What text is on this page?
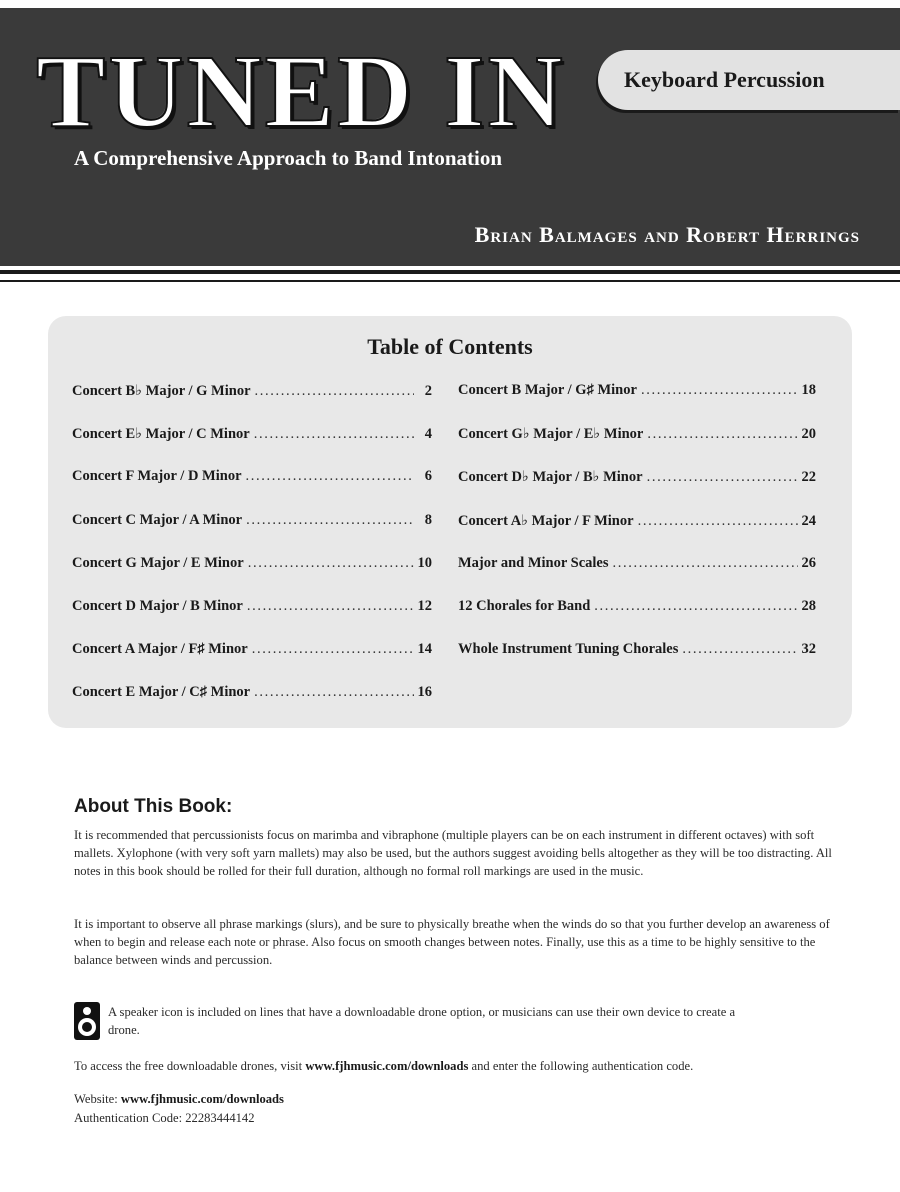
TUNED IN
A Comprehensive Approach to Band Intonation
Brian Balmages and Robert Herrings
Keyboard Percussion
Table of Contents
Concert B♭ Major / G Minor . . .	2
Concert E♭ Major / C Minor . . .	4
Concert F Major / D Minor . . .	6
Concert C Major / A Minor . . .	8
Concert G Major / E Minor . . .	10
Concert D Major / B Minor . . .	12
Concert A Major / F♯ Minor . . .	14
Concert E Major / C♯ Minor . . .	16
Concert B Major / G♯ Minor . . .	18
Concert G♭ Major / E♭ Minor . . .	20
Concert D♭ Major / B♭ Minor . . .	22
Concert A♭ Major / F Minor . . .	24
Major and Minor Scales . . .	26
12 Chorales for Band . . .	28
Whole Instrument Tuning Chorales . . .	32
About This Book:

It is recommended that percussionists focus on marimba and vibraphone (multiple players can be on each instrument in different octaves) with soft mallets. Xylophone (with very soft yarn mallets) may also be used, but the authors suggest avoiding bells altogether as they will be too distracting. All notes in this book should be rolled for their full duration, although no formal roll markings are used in the music.

It is important to observe all phrase markings (slurs), and be sure to physically breathe when the winds do so that you further develop an awareness of when to begin and release each note or phrase. Also focus on smooth changes between notes. Finally, use this as a time to be highly sensitive to the balance between winds and percussion.

A speaker icon is included on lines that have a downloadable drone option, or musicians can use their own device to create a drone.

To access the free downloadable drones, visit www.fjhmusic.com/downloads and enter the following authentication code.

Website: www.fjhmusic.com/downloads
Authentication Code: 22283444142
